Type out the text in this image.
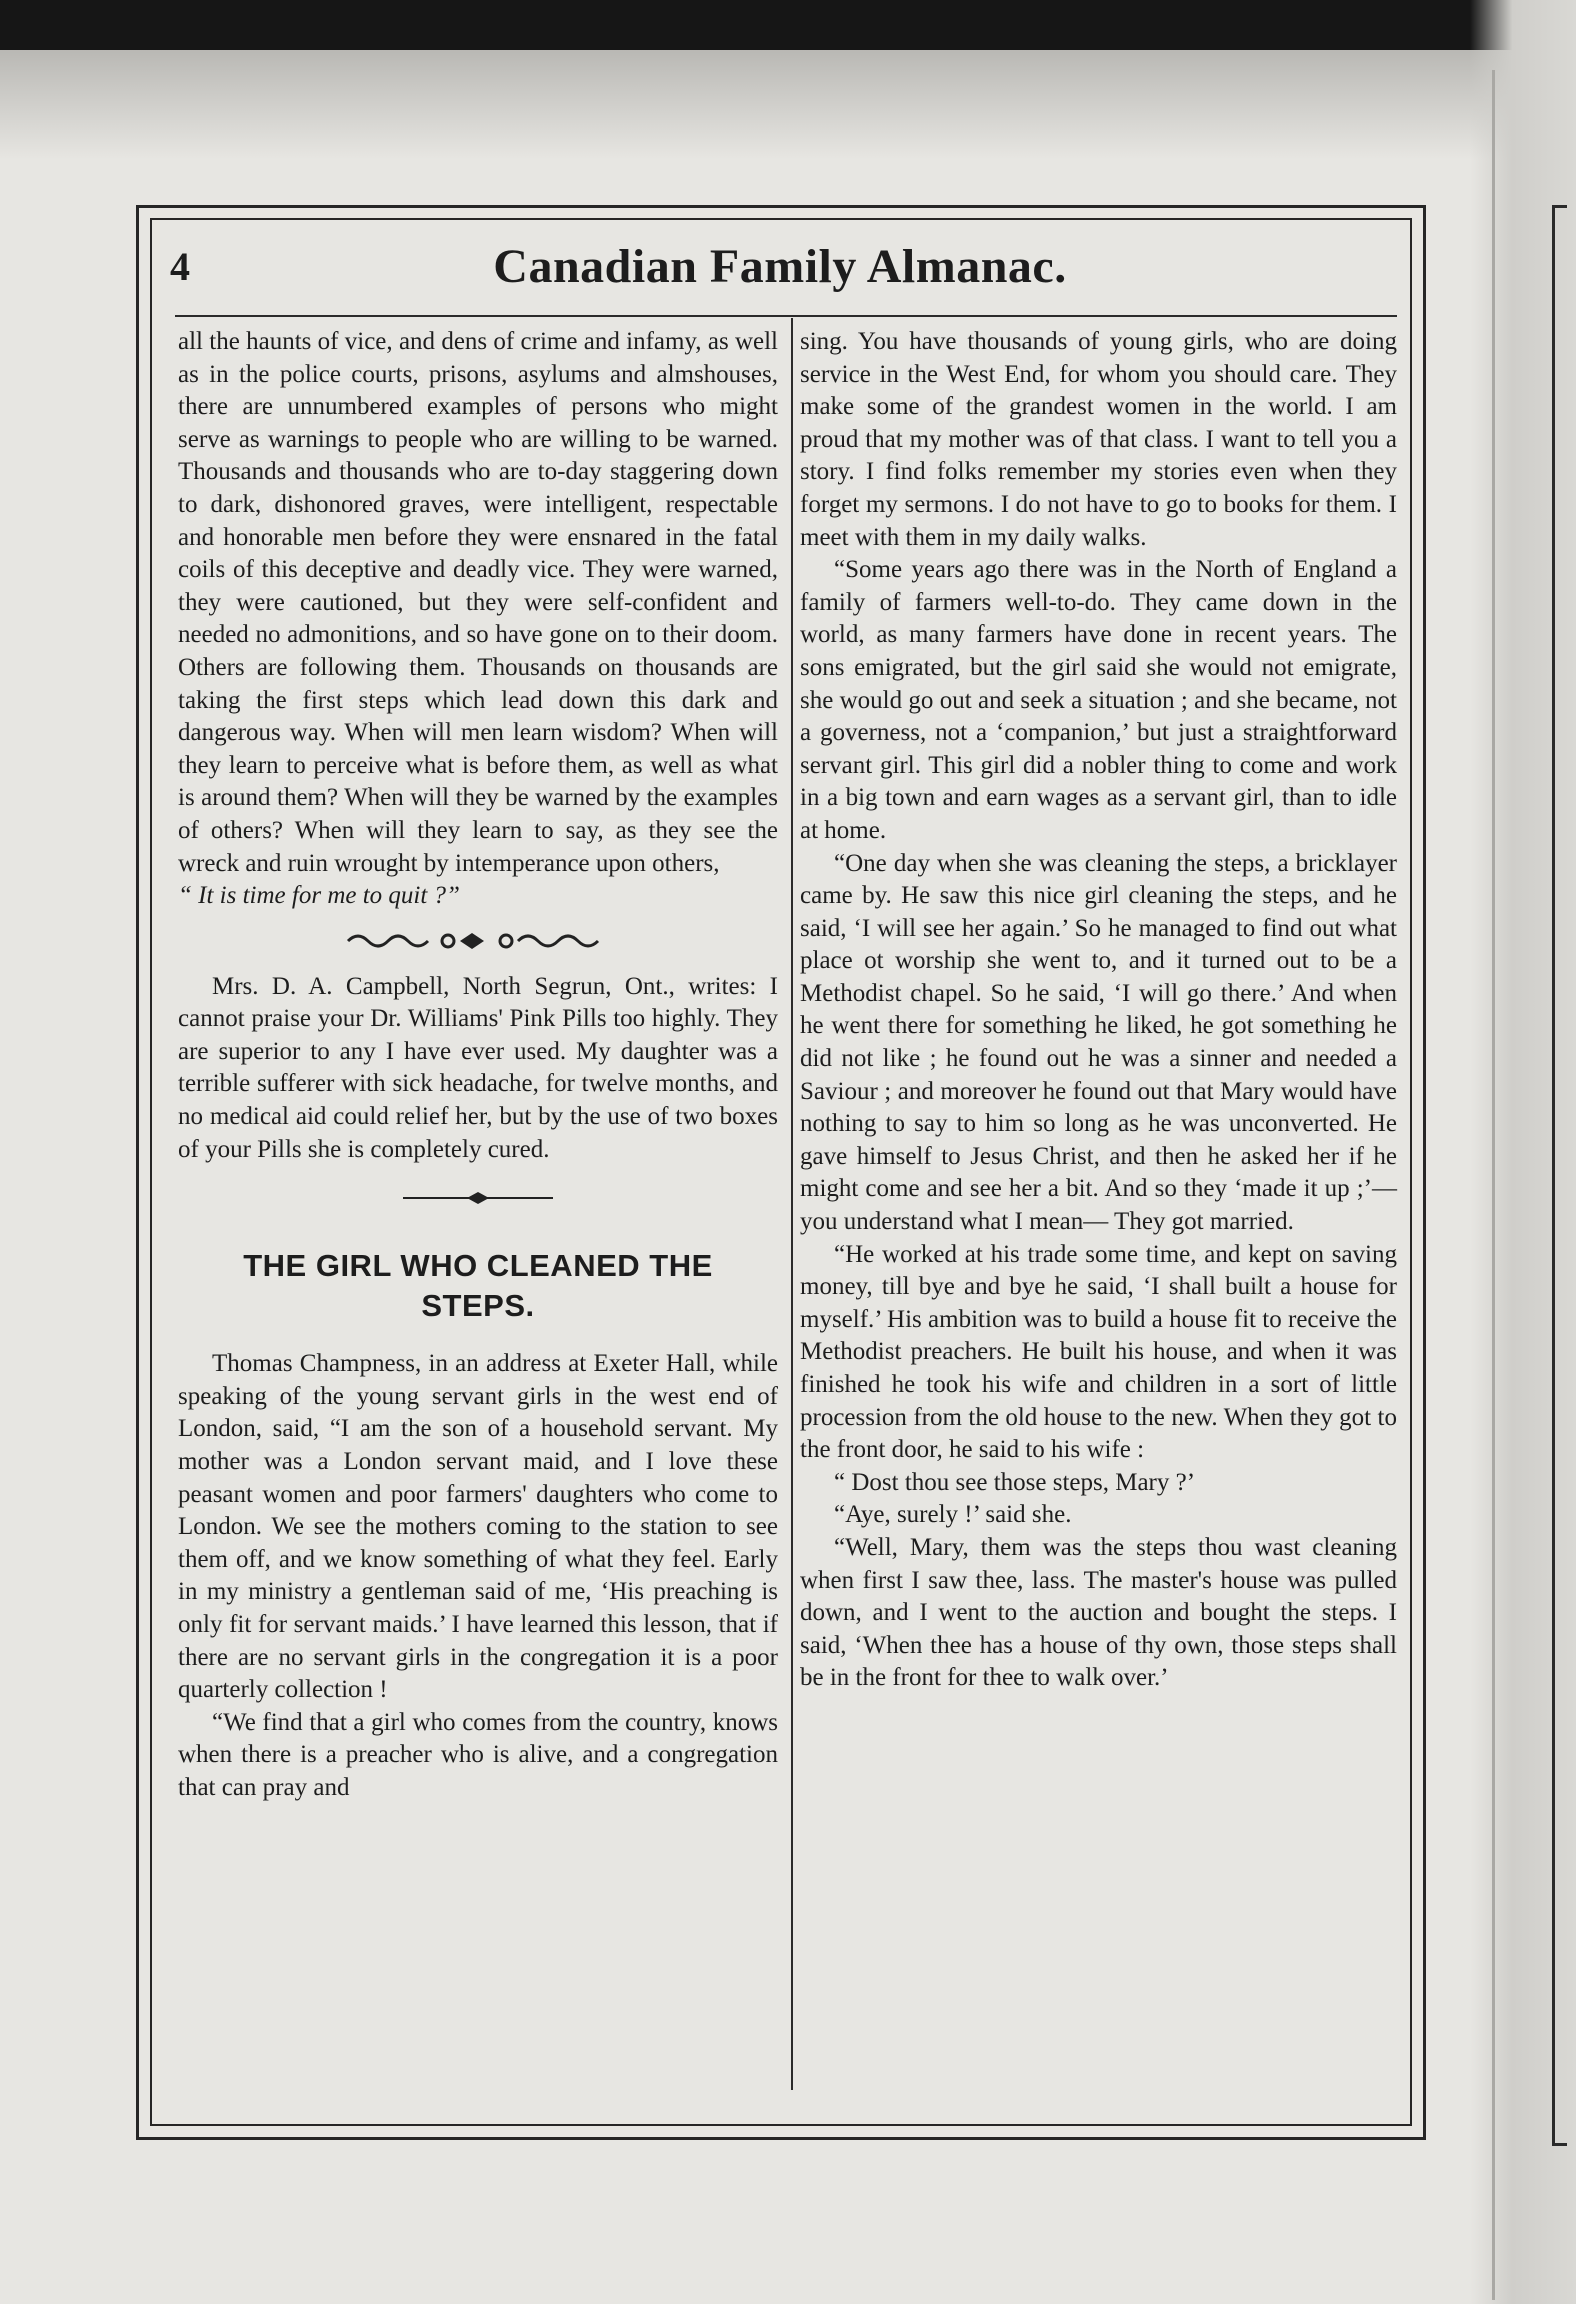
4	Canadian Family Almanac.

all the haunts of vice, and dens of crime and infamy, as well as in the police courts, prisons, asylums and almshouses, there are unnumbered examples of persons who might serve as warnings to people who are willing to be warned. Thousands and thousands who are to-day staggering down to dark, dishonored graves, were intelligent, respectable and honorable men before they were ensnared in the fatal coils of this deceptive and deadly vice. They were warned, they were cautioned, but they were self-confident and needed no admonitions, and so have gone on to their doom. Others are following them. Thousands on thousands are taking the first steps which lead down this dark and dangerous way. When will men learn wisdom? When will they learn to perceive what is before them, as well as what is around them? When will they be warned by the examples of others? When will they learn to say, as they see the wreck and ruin wrought by intemperance upon others,

“ It is time for me to quit ?”

Mrs. D. A. Campbell, North Segrun, Ont., writes: I cannot praise your Dr. Williams' Pink Pills too highly. They are superior to any I have ever used. My daughter was a terrible sufferer with sick headache, for twelve months, and no medical aid could relief her, but by the use of two boxes of your Pills she is completely cured.

THE GIRL WHO CLEANED THE

STEPS.

Thomas Champness, in an address at Exeter Hall, while speaking of the young servant girls in the west end of London, said, “I am the son of a household servant. My mother was a London servant maid, and I love these peasant women and poor farmers' daughters who come to London. We see the mothers coming to the station to see them off, and we know something of what they feel. Early in my ministry a gentleman said of me, ‘His preaching is only fit for servant maids.’ I have learned this lesson, that if there are no servant girls in the congregation it is a poor quarterly collection !

“We find that a girl who comes from the country, knows when there is a preacher who is alive, and a congregation that can pray and

sing. You have thousands of young girls, who are doing service in the West End, for whom you should care. They make some of the grandest women in the world. I am proud that my mother was of that class. I want to tell you a story. I find folks remember my stories even when they forget my sermons. I do not have to go to books for them. I meet with them in my daily walks.

“Some years ago there was in the North of England a family of farmers well-to-do. They came down in the world, as many farmers have done in recent years. The sons emigrated, but the girl said she would not emigrate, she would go out and seek a situation ; and she became, not a governess, not a ‘companion,’ but just a straightforward servant girl. This girl did a nobler thing to come and work in a big town and earn wages as a servant girl, than to idle at home.

“One day when she was cleaning the steps, a bricklayer came by. He saw this nice girl cleaning the steps, and he said, ‘I will see her again.’ So he managed to find out what place ot worship she went to, and it turned out to be a Methodist chapel. So he said, ‘I will go there.’ And when he went there for something he liked, he got something he did not like ; he found out he was a sinner and needed a Saviour ; and moreover he found out that Mary would have nothing to say to him so long as he was unconverted. He gave himself to Jesus Christ, and then he asked her if he might come and see her a bit. And so they ‘made it up ;’—you understand what I mean— They got married.

“He worked at his trade some time, and kept on saving money, till bye and bye he said, ‘I shall built a house for myself.’ His ambition was to build a house fit to receive the Methodist preachers. He built his house, and when it was finished he took his wife and children in a sort of little procession from the old house to the new. When they got to the front door, he said to his wife :

“ Dost thou see those steps, Mary ?’

“Aye, surely !’ said she.

“Well, Mary, them was the steps thou wast cleaning when first I saw thee, lass. The master's house was pulled down, and I went to the auction and bought the steps. I said, ‘When thee has a house of thy own, those steps shall be in the front for thee to walk over.’
